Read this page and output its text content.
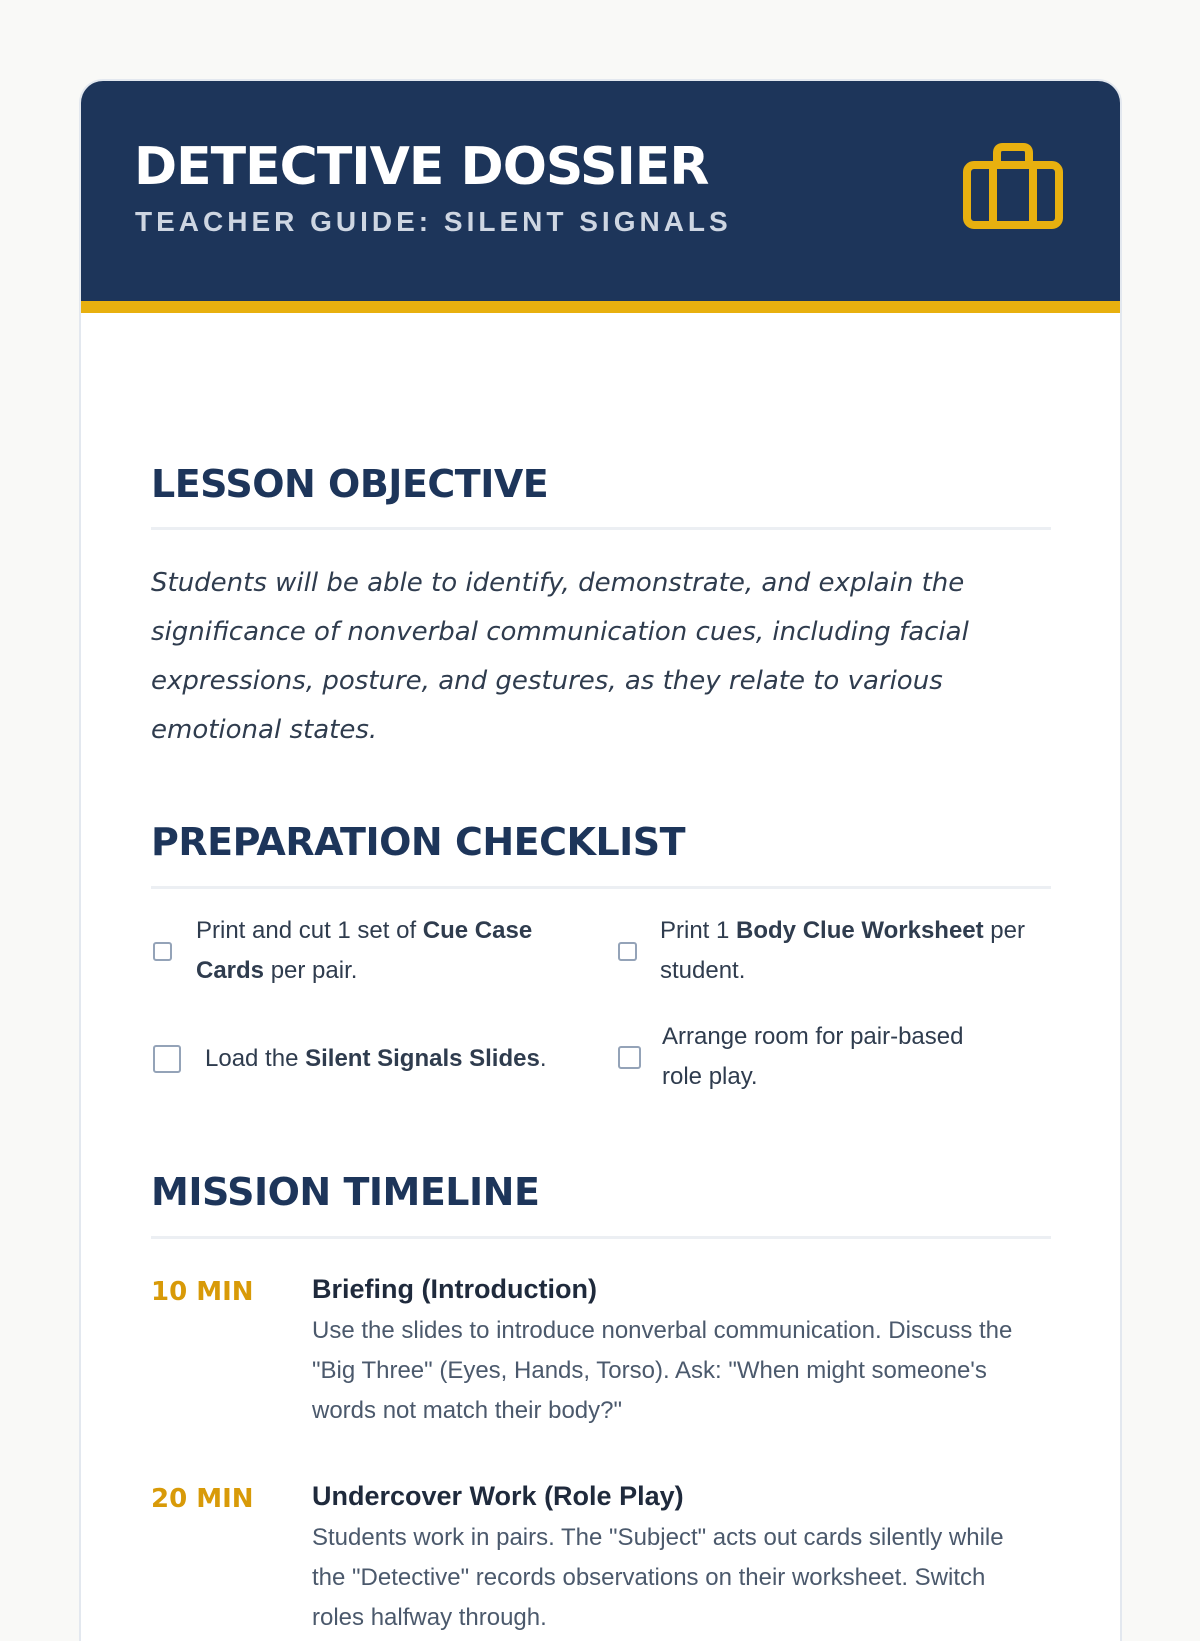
DETECTIVE DOSSIER
TEACHER GUIDE: SILENT SIGNALS
LESSON OBJECTIVE

Students will be able to identify, demonstrate, and explain the significance of nonverbal communication cues, including facial expressions, posture, and gestures, as they relate to various emotional states.

PREPARATION CHECKLIST
Print and cut 1 set of Cue Case Cards per pair.
Print 1 Body Clue Worksheet per student.
Load the Silent Signals Slides.
Arrange room for pair-based role play.
MISSION TIMELINE
10 MIN Briefing (Introduction)

Use the slides to introduce nonverbal communication. Discuss the "Big Three" (Eyes, Hands, Torso). Ask: "When might someone's words not match their body?"

20 MIN Undercover Work (Role Play)

Students work in pairs. The "Subject" acts out cards silently while the "Detective" records observations on their worksheet. Switch roles halfway through.
